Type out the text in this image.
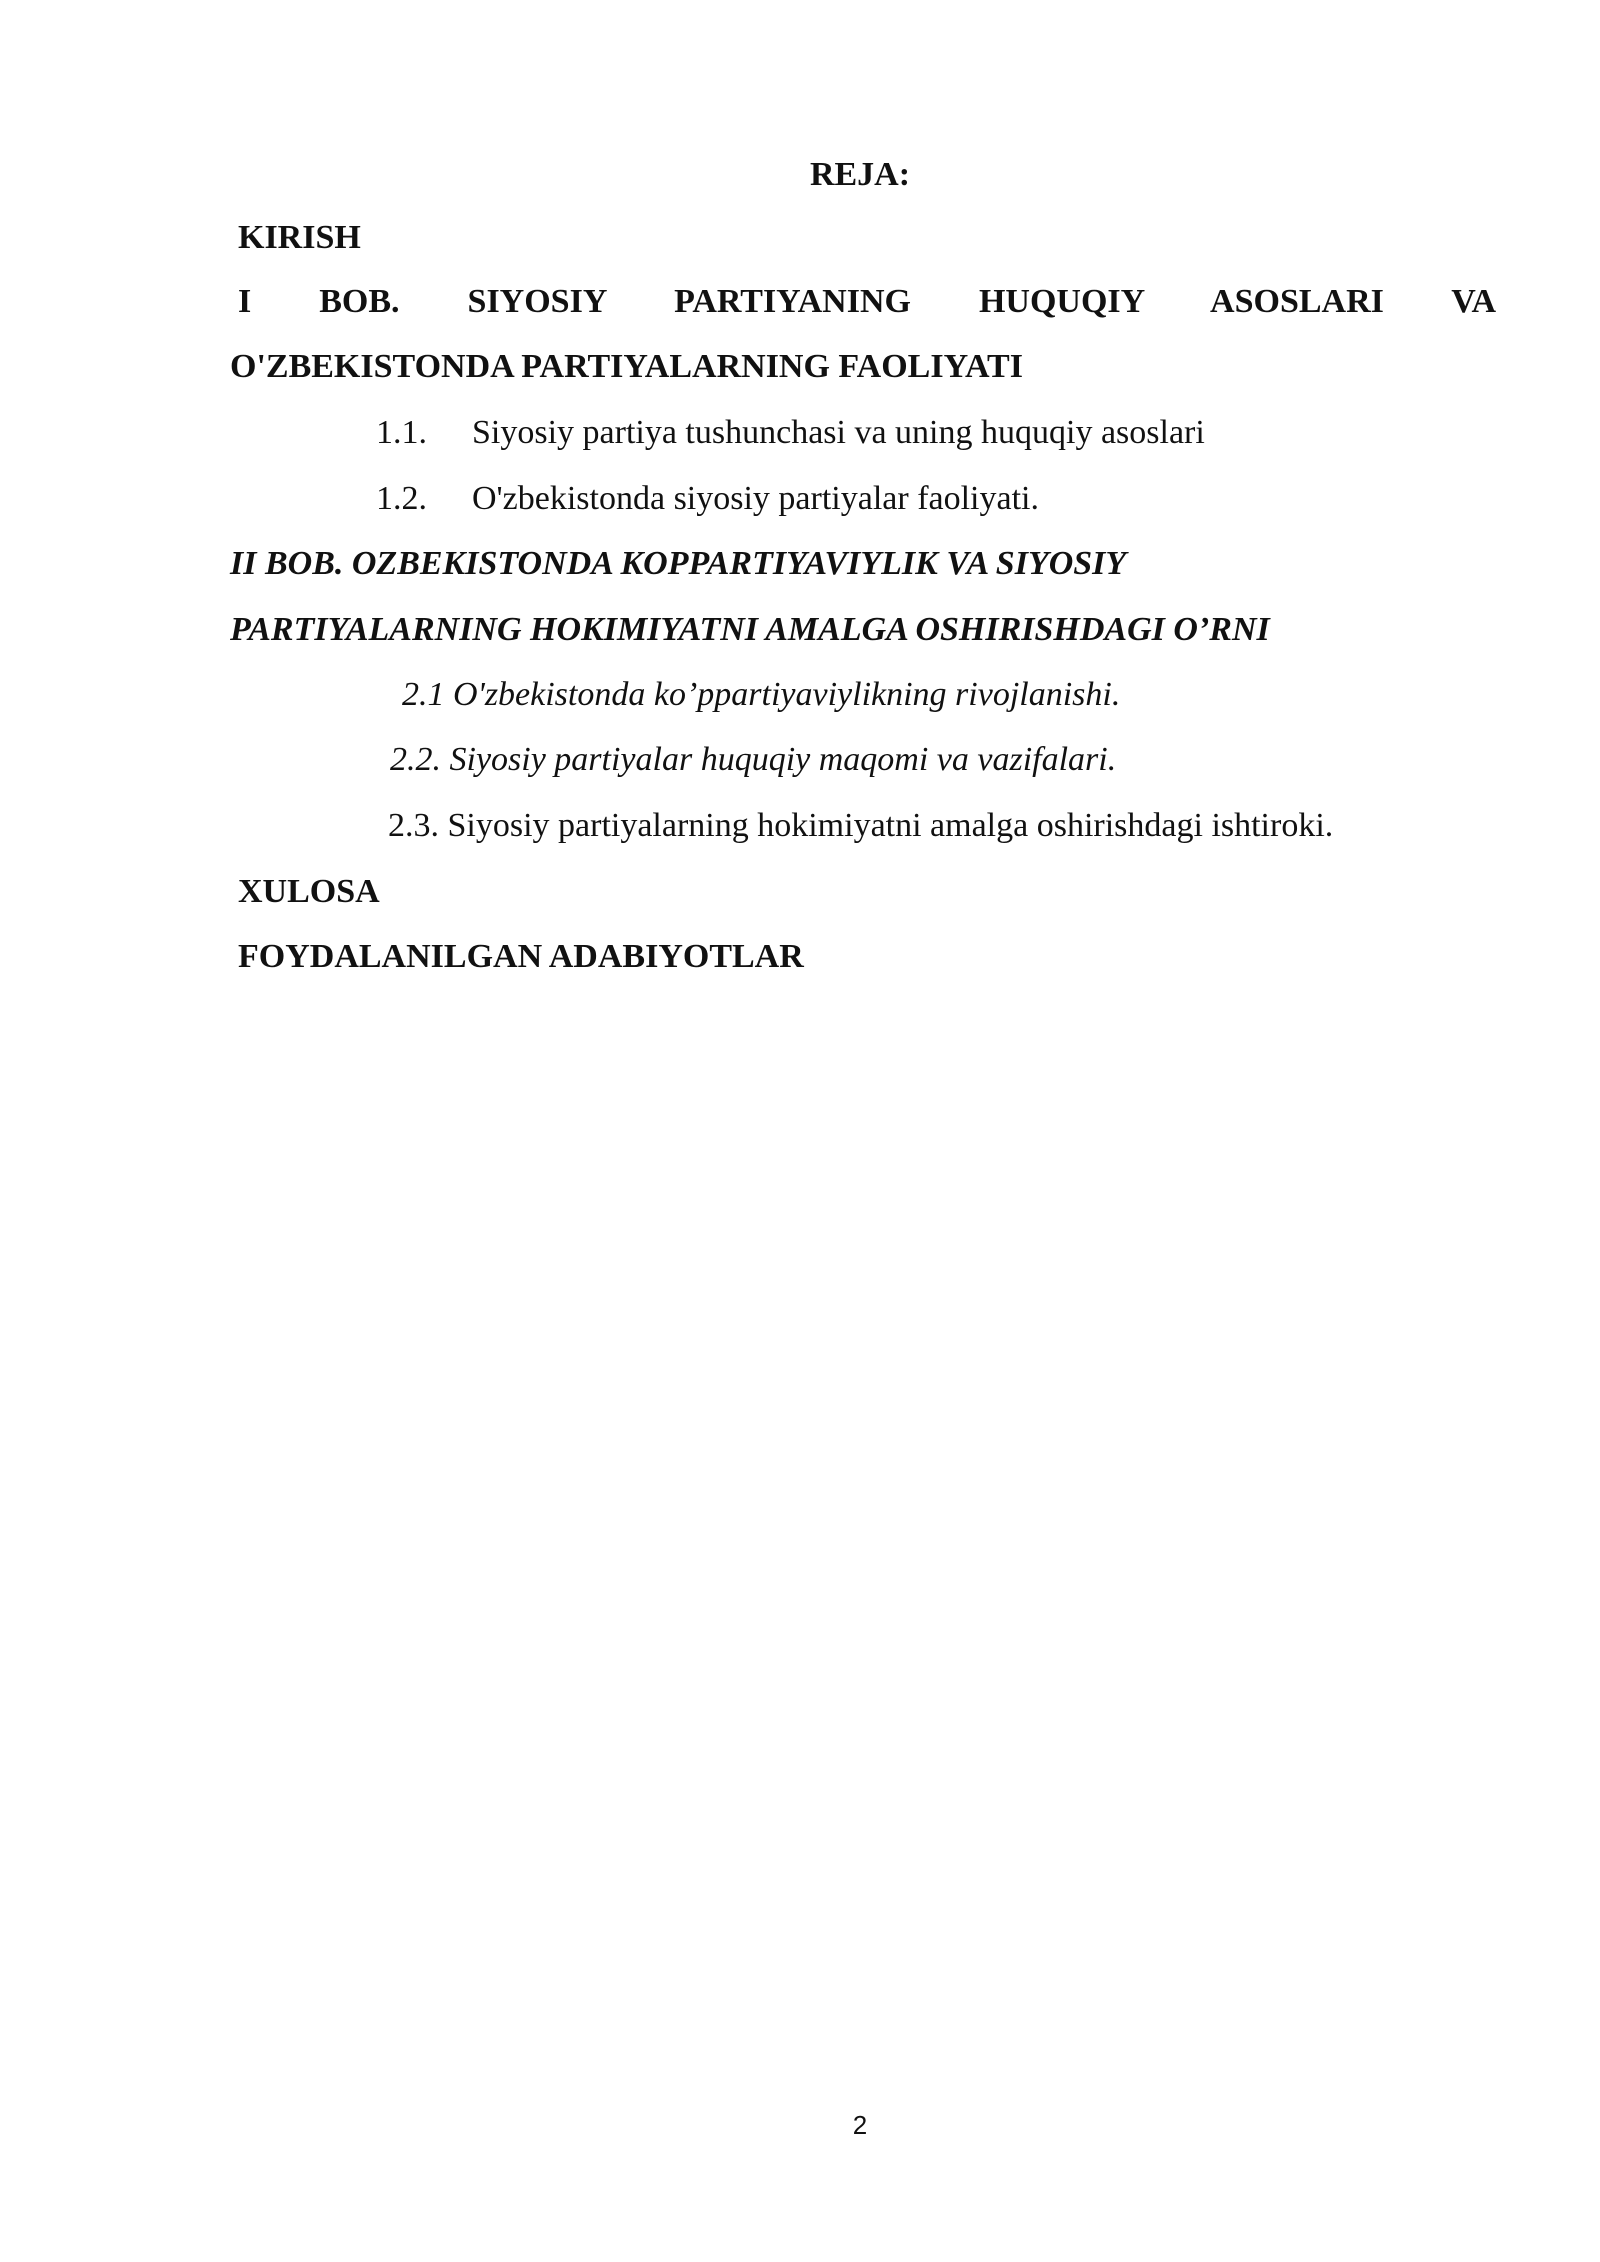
REJA:
KIRISH
I BOB. SIYOSIY PARTIYANING HUQUQIY ASOSLARI VA
O'ZBEKISTONDA PARTIYALARNING FAOLIYATI
1.1.	Siyosiy partiya tushunchasi va uning huquqiy asoslari
1.2.	O'zbekistonda siyosiy partiyalar faoliyati.
II BOB. OZBEKISTONDA KOPPARTIYAVIYLIK VA SIYOSIY
PARTIYALARNING HOKIMIYATNI AMALGA OSHIRISHDAGI O’RNI
2.1 O'zbekistonda ko’ppartiyaviylikning rivojlanishi.
2.2. Siyosiy partiyalar huquqiy maqomi va vazifalari.
2.3. Siyosiy partiyalarning hokimiyatni amalga oshirishdagi ishtiroki.
XULOSA
FOYDALANILGAN ADABIYOTLAR
2
